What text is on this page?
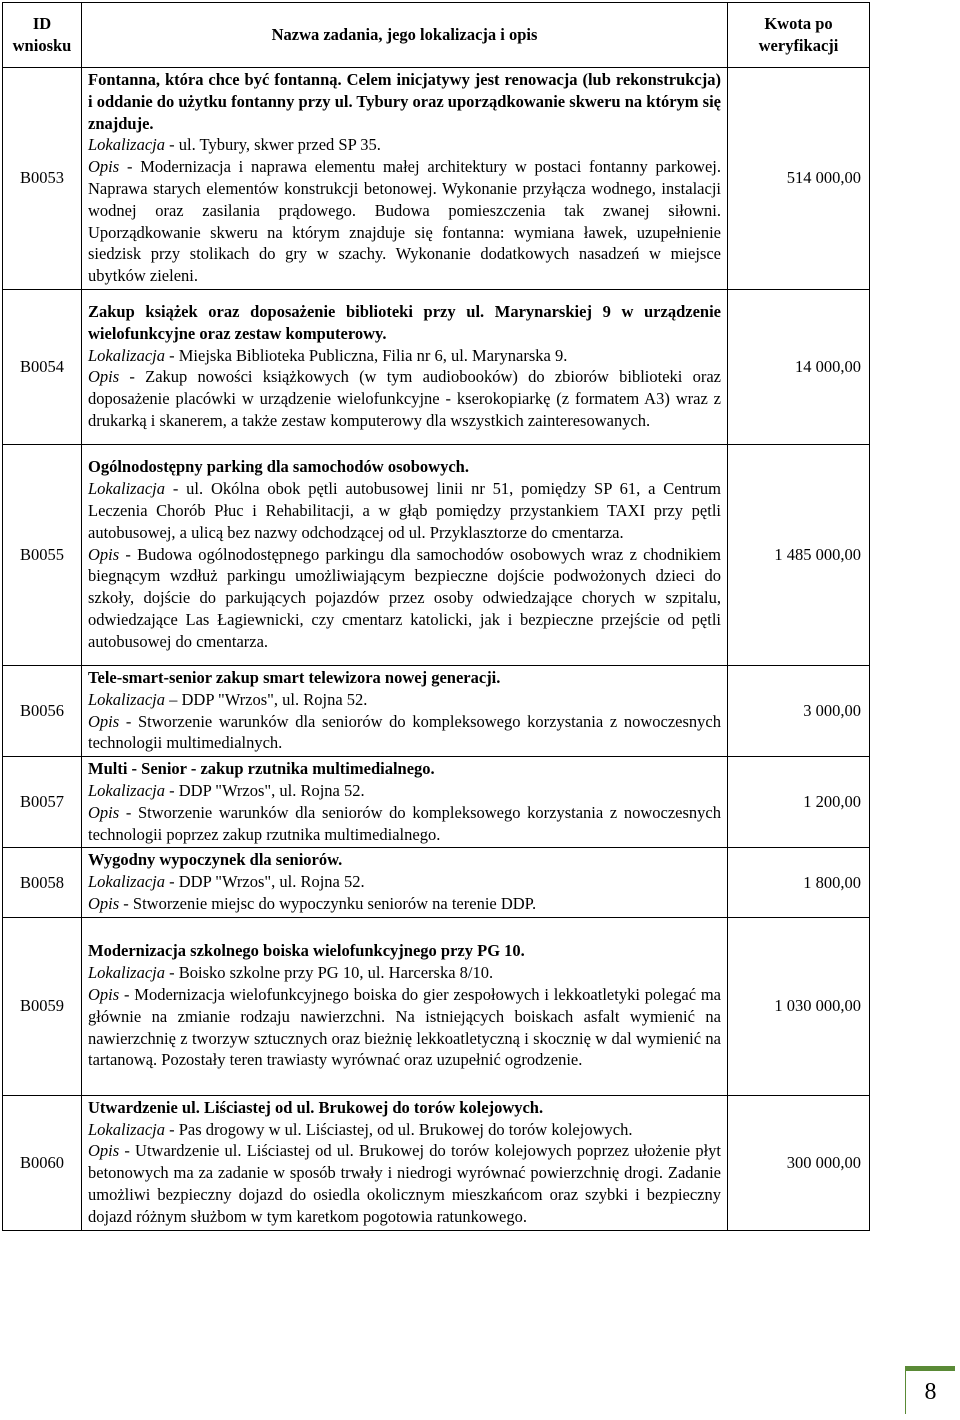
ID wniosku	Nazwa zadania, jego lokalizacja i opis	Kwota po weryfikacji
B0053	Fontanna, która chce być fontanną. Celem inicjatywy jest renowacja (lub rekonstrukcja) i oddanie do użytku fontanny przy ul. Tybury oraz uporządkowanie skweru na którym się znajduje.

Lokalizacja - ul. Tybury, skwer przed SP 35.

Opis - Modernizacja i naprawa elementu małej architektury w postaci fontanny parkowej. Naprawa starych elementów konstrukcji betonowej. Wykonanie przyłącza wodnego, instalacji wodnej oraz zasilania prądowego. Budowa pomieszczenia tak zwanej siłowni. Uporządkowanie skweru na którym znajduje się fontanna: wymiana ławek, uzupełnienie siedzisk przy stolikach do gry w szachy. Wykonanie dodatkowych nasadzeń w miejsce ubytków zieleni.	514 000,00
B0054	Zakup książek oraz doposażenie biblioteki przy ul. Marynarskiej 9 w urządzenie wielofunkcyjne oraz zestaw komputerowy.

Lokalizacja - Miejska Biblioteka Publiczna, Filia nr 6, ul. Marynarska 9.

Opis - Zakup nowości książkowych (w tym audiobooków) do zbiorów biblioteki oraz doposażenie placówki w urządzenie wielofunkcyjne - kserokopiarkę (z formatem A3) wraz z drukarką i skanerem, a także zestaw komputerowy dla wszystkich zainteresowanych.	14 000,00
B0055	Ogólnodostępny parking dla samochodów osobowych.

Lokalizacja - ul. Okólna obok pętli autobusowej linii nr 51, pomiędzy SP 61, a Centrum Leczenia Chorób Płuc i Rehabilitacji, a w głąb pomiędzy przystankiem TAXI przy pętli autobusowej, a ulicą bez nazwy odchodzącej od ul. Przyklasztorze do cmentarza.

Opis - Budowa ogólnodostępnego parkingu dla samochodów osobowych wraz z chodnikiem biegnącym wzdłuż parkingu umożliwiającym bezpieczne dojście podwożonych dzieci do szkoły, dojście do parkujących pojazdów przez osoby odwiedzające chorych w szpitalu, odwiedzające Las Łagiewnicki, czy cmentarz katolicki, jak i bezpieczne przejście od pętli autobusowej do cmentarza.	1 485 000,00
B0056	Tele-smart-senior zakup smart telewizora nowej generacji.

Lokalizacja – DDP "Wrzos", ul. Rojna 52.

Opis - Stworzenie warunków dla seniorów do kompleksowego korzystania z nowoczesnych technologii multimedialnych.	3 000,00
B0057	Multi - Senior - zakup rzutnika multimedialnego.

Lokalizacja - DDP "Wrzos", ul. Rojna 52.

Opis - Stworzenie warunków dla seniorów do kompleksowego korzystania z nowoczesnych technologii poprzez zakup rzutnika multimedialnego.	1 200,00
B0058	Wygodny wypoczynek dla seniorów.

Lokalizacja - DDP "Wrzos", ul. Rojna 52.

Opis - Stworzenie miejsc do wypoczynku seniorów na terenie DDP.	1 800,00
B0059	Modernizacja szkolnego boiska wielofunkcyjnego przy PG 10.

Lokalizacja - Boisko szkolne przy PG 10, ul. Harcerska 8/10.

Opis - Modernizacja wielofunkcyjnego boiska do gier zespołowych i lekkoatletyki polegać ma głównie na zmianie rodzaju nawierzchni. Na istniejących boiskach asfalt wymienić na nawierzchnię z tworzyw sztucznych oraz bieżnię lekkoatletyczną i skocznię w dal wymienić na tartanową. Pozostały teren trawiasty wyrównać oraz uzupełnić ogrodzenie.	1 030 000,00
B0060	Utwardzenie ul. Liściastej od ul. Brukowej do torów kolejowych.

Lokalizacja - Pas drogowy w ul. Liściastej, od ul. Brukowej do torów kolejowych.

Opis - Utwardzenie ul. Liściastej od ul. Brukowej do torów kolejowych poprzez ułożenie płyt betonowych ma za zadanie w sposób trwały i niedrogi wyrównać powierzchnię drogi. Zadanie umożliwi bezpieczny dojazd do osiedla okolicznym mieszkańcom oraz szybki i bezpieczny dojazd różnym służbom w tym karetkom pogotowia ratunkowego.	300 000,00
8
